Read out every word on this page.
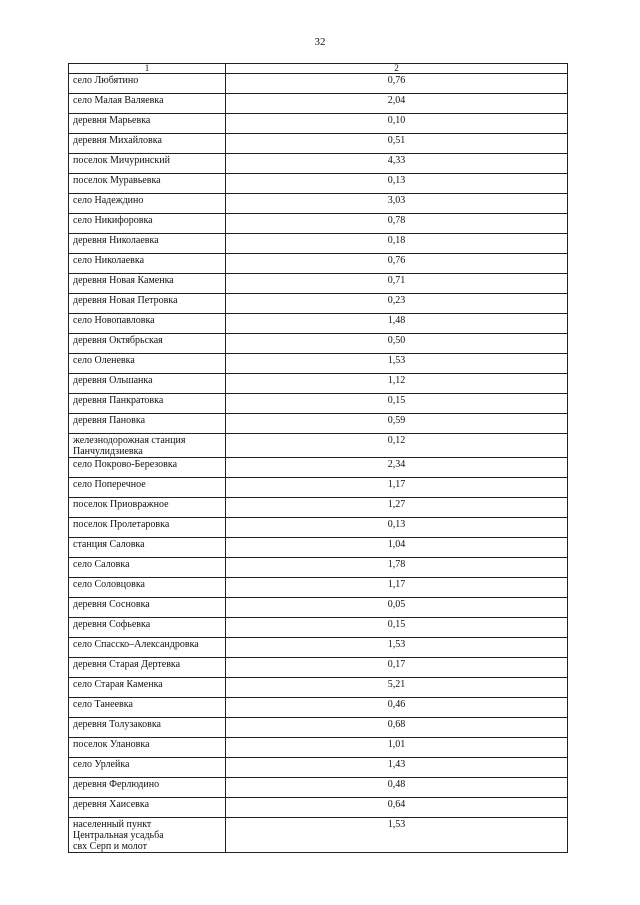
32
1	2

село Любятино	0,76

село Малая Валяевка	2,04

деревня Марьевка	0,10

деревня Михайловка	0,51

поселок Мичуринский	4,33

поселок Муравьевка	0,13

село Надеждино	3,03

село Никифоровка	0,78

деревня Николаевка	0,18

село Николаевка	0,76

деревня Новая Каменка	0,71

деревня Новая Петровка	0,23

село Новопавловка	1,48

деревня Октябрьская	0,50

село Оленевка	1,53

деревня Ольшанка	1,12

деревня Панкратовка	0,15

деревня Пановка	0,59

железнодорожная станция
Панчулидзиевка	0,12

село Покрово-Березовка	2,34

село Поперечное	1,17

поселок Приовражное	1,27

поселок Пролетаровка	0,13

станция Саловка	1,04

село Саловка	1,78

село Соловцовка	1,17

деревня Сосновка	0,05

деревня Софьевка	0,15

село Спасско–Александровка	1,53

деревня Старая Дертевка	0,17

село Старая Каменка	5,21

село Танеевка	0,46

деревня Толузаковка	0,68

поселок Улановка	1,01

село Урлейка	1,43

деревня Ферлюдино	0,48

деревня Хаисевка	0,64

населенный пункт
Центральная усадьба
свх Серп и молот	1,53
